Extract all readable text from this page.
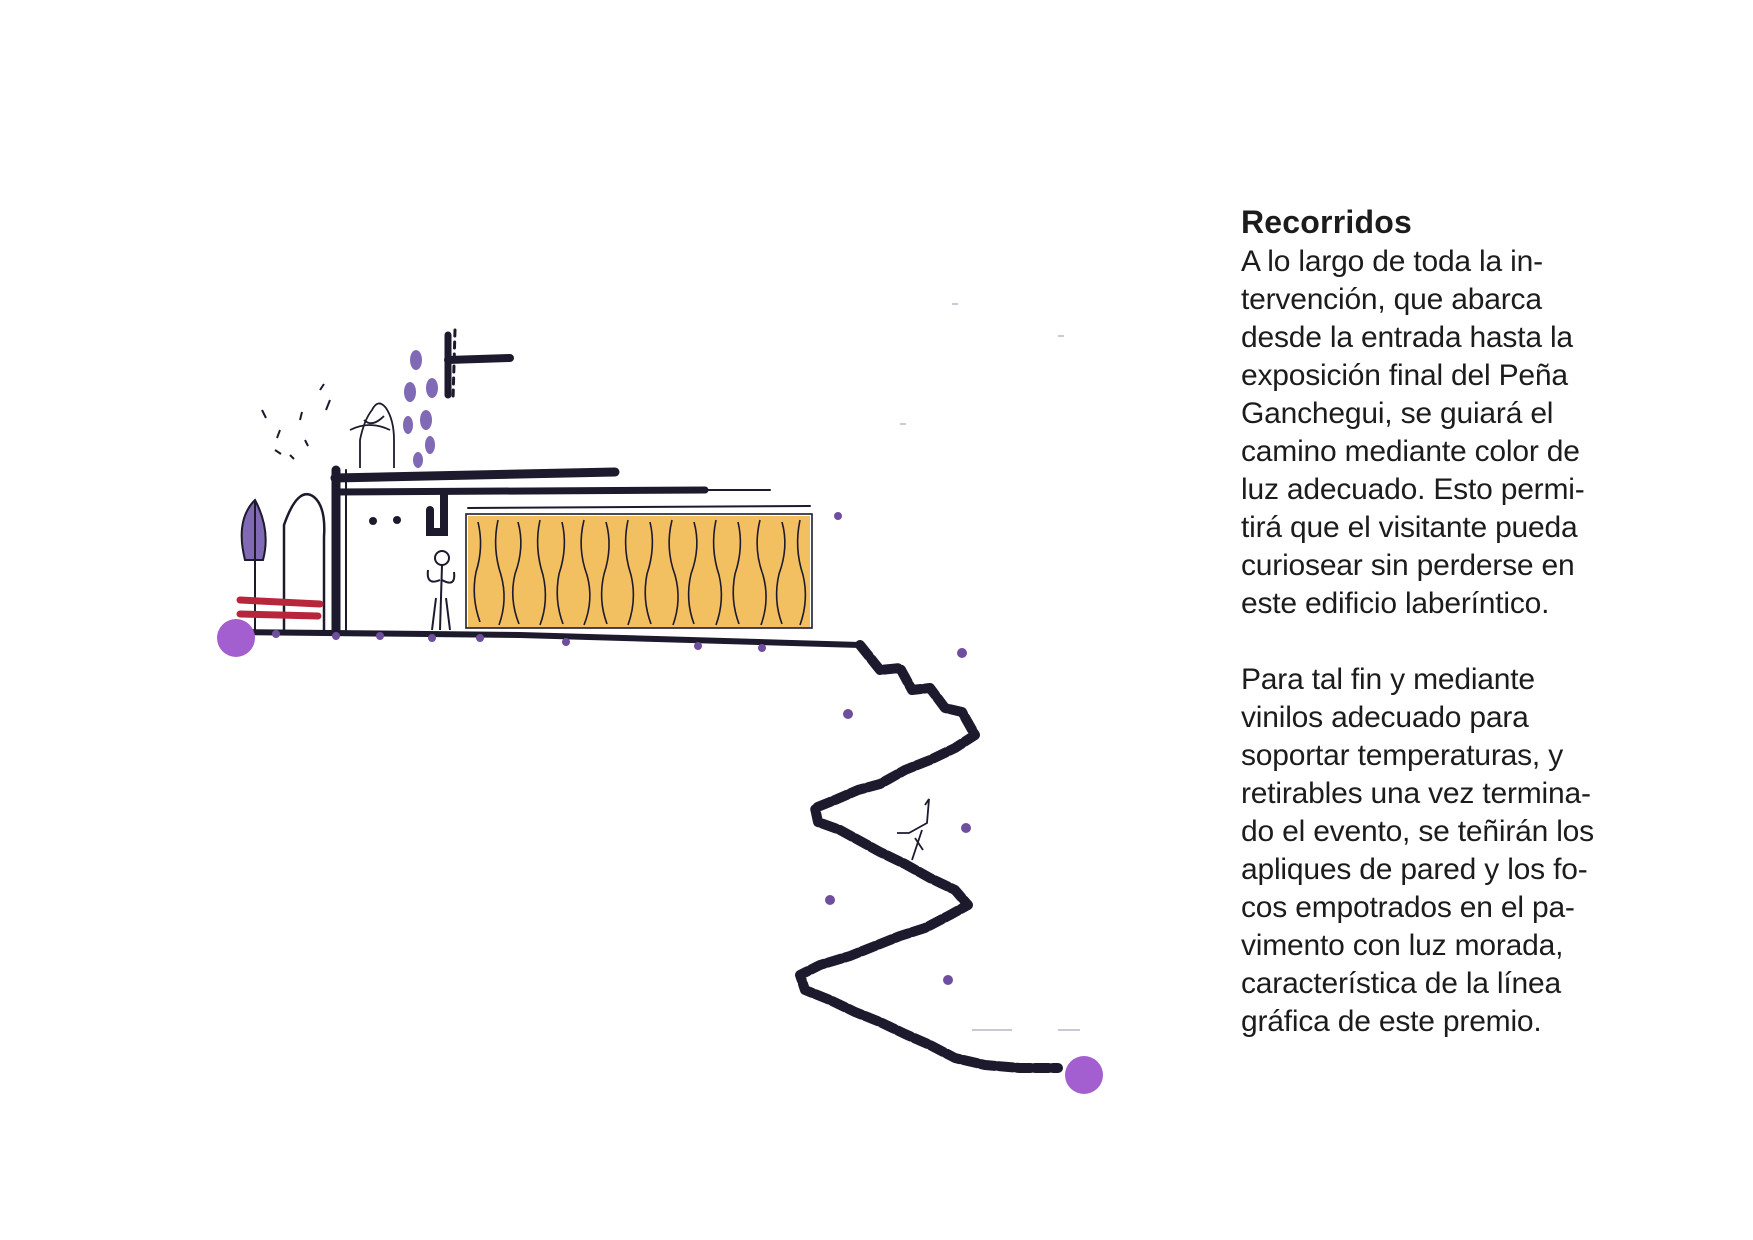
Recorridos

A lo largo de toda la in-
tervención, que abarca
desde la entrada hasta la
exposición final del Peña
Ganchegui, se guiará el
camino mediante color de
luz adecuado. Esto permi-
tirá que el visitante pueda
curiosear sin perderse en
este edificio laberíntico.

Para tal fin y mediante
vinilos adecuado para
soportar temperaturas, y
retirables una vez termina-
do el evento, se teñirán los
apliques de pared y los fo-
cos empotrados en el pa-
vimento con luz morada,
característica de la línea
gráfica de este premio.
